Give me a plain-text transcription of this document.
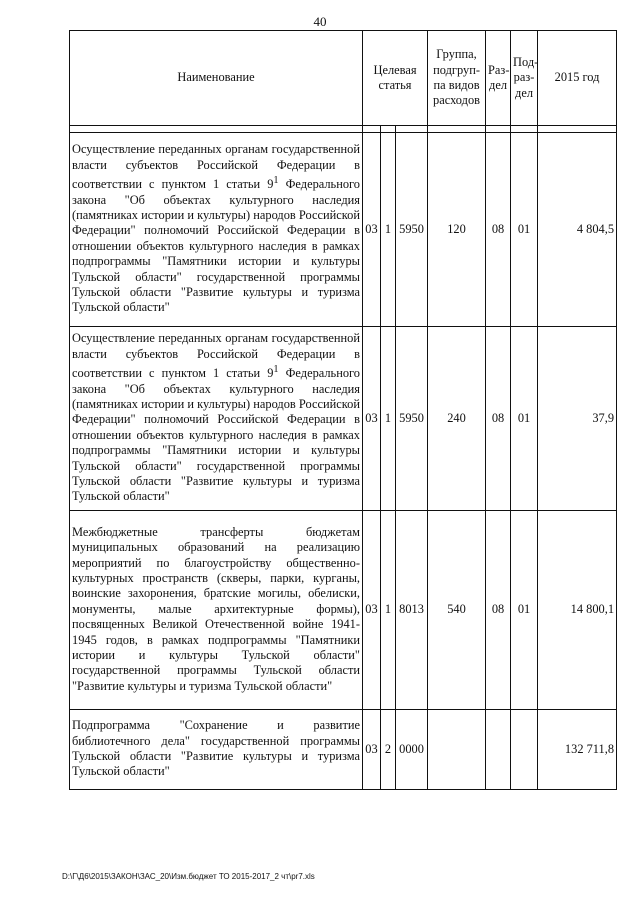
40
Наименование	Целевая статья			Группа, подгруп-па видов расходов	Раз-дел	Под-раз-дел	2015 год

Осуществление переданных органам государственной власти субъектов Российской Федерации в соответствии с пунктом 1 статьи $9^1$ Федерального закона "Об объектах культурного наследия (памятниках истории и культуры) народов Российской Федерации" полномочий Российской Федерации в отношении объектов культурного наследия в рамках подпрограммы "Памятники истории и культуры Тульской области" государственной программы Тульской области "Развитие культуры и туризма Тульской области"	03	1	5950	120	08	01	4 804,5
Осуществление переданных органам государственной власти субъектов Российской Федерации в соответствии с пунктом 1 статьи $9^1$ Федерального закона "Об объектах культурного наследия (памятниках истории и культуры) народов Российской Федерации" полномочий Российской Федерации в отношении объектов культурного наследия в рамках подпрограммы "Памятники истории и культуры Тульской области" государственной программы Тульской области "Развитие культуры и туризма Тульской области"	03	1	5950	240	08	01	37,9
Межбюджетные трансферты бюджетам муниципальных образований на реализацию мероприятий по благоустройству общественно-культурных пространств (скверы, парки, курганы, воинские захоронения, братские могилы, обелиски, монументы, малые архитектурные формы), посвященных Великой Отечественной войне 1941-1945 годов, в рамках подпрограммы "Памятники истории и культуры Тульской области" государственной программы Тульской области "Развитие культуры и туризма Тульской области"	03	1	8013	540	08	01	14 800,1
Подпрограмма "Сохранение и развитие библиотечного дела" государственной программы Тульской области "Развитие культуры и туризма Тульской области"	03	2	0000				132 711,8
D:\Г\Д6\2015\ЗАКОН\ЗАС_20\Изм.бюджет ТО 2015-2017_2 чт\pr7.xls
